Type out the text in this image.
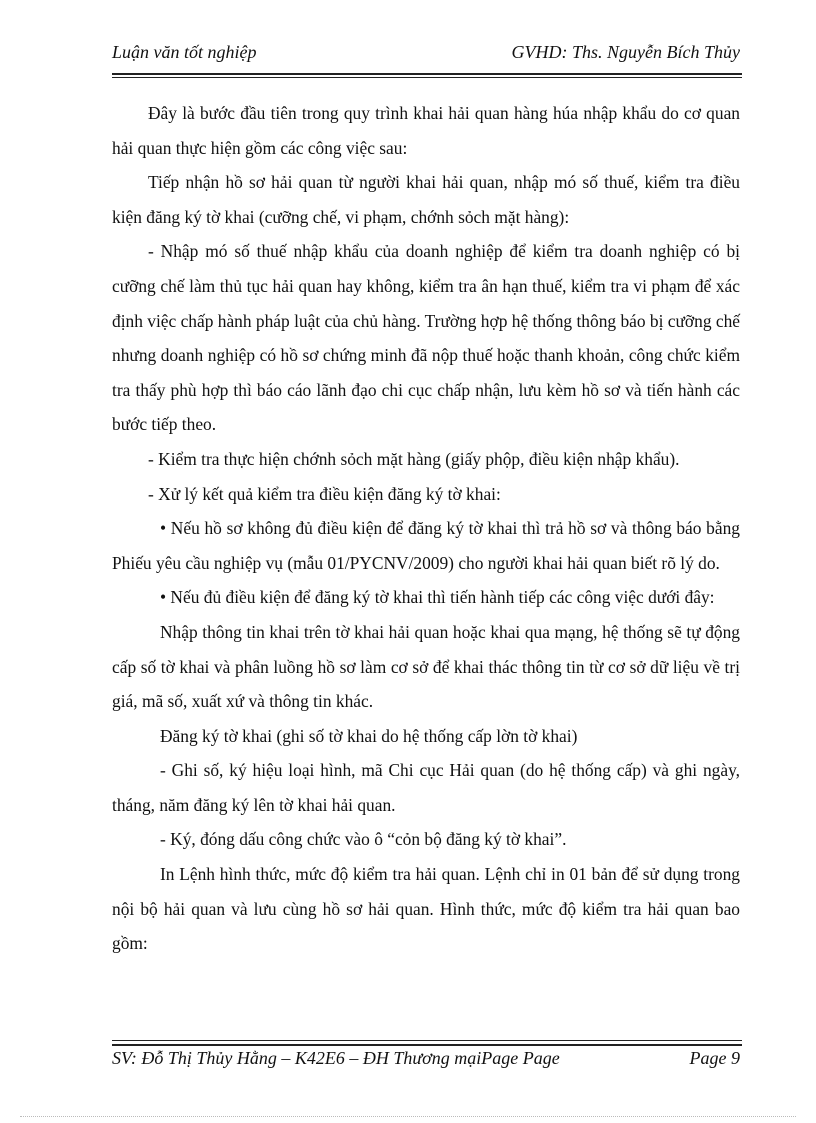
Luận văn tốt nghiệp	GVHD: Ths. Nguyễn Bích Thủy

Đây là bước đầu tiên trong quy trình khai hải quan hàng húa nhập khẩu do cơ quan hải quan thực hiện gồm các công việc sau:

Tiếp nhận hồ sơ hải quan từ người khai hải quan, nhập mó số thuế, kiểm tra điều kiện đăng ký tờ khai (cưỡng chế, vi phạm, chớnh sỏch mặt hàng):

- Nhập mó số thuế nhập khẩu của doanh nghiệp để kiểm tra doanh nghiệp có bị cưỡng chế làm thủ tục hải quan hay không, kiểm tra ân hạn thuế, kiểm tra vi phạm để xác định việc chấp hành pháp luật của chủ hàng. Trường hợp hệ thống thông báo bị cưỡng chế nhưng doanh nghiệp có hồ sơ chứng minh đã nộp thuế hoặc thanh khoản, công chức kiểm tra thấy phù hợp thì báo cáo lãnh đạo chi cục chấp nhận, lưu kèm hồ sơ và tiến hành các bước tiếp theo.

- Kiểm tra thực hiện chớnh sỏch mặt hàng (giấy phộp, điều kiện nhập khẩu).

- Xử lý kết quả kiểm tra điều kiện đăng ký tờ khai:

• Nếu hồ sơ không đủ điều kiện để đăng ký tờ khai thì trả hồ sơ và thông báo bằng Phiếu yêu cầu nghiệp vụ (mẫu 01/PYCNV/2009) cho người khai hải quan biết rõ lý do.

• Nếu đủ điều kiện để đăng ký tờ khai thì tiến hành tiếp các công việc dưới đây:

Nhập thông tin khai trên tờ khai hải quan hoặc khai qua mạng, hệ thống sẽ tự động cấp số tờ khai và phân luồng hồ sơ làm cơ sở để khai thác thông tin từ cơ sở dữ liệu về trị giá, mã số, xuất xứ và thông tin khác.

Đăng ký tờ khai (ghi số tờ khai do hệ thống cấp lờn tờ khai)

- Ghi số, ký hiệu loại hình, mã Chi cục Hải quan (do hệ thống cấp) và ghi ngày, tháng, năm đăng ký lên tờ khai hải quan.

- Ký, đóng dấu công chức vào ô “cỏn bộ đăng ký tờ khai”.

In Lệnh hình thức, mức độ kiểm tra hải quan. Lệnh chỉ in 01 bản để sử dụng trong nội bộ hải quan và lưu cùng hồ sơ hải quan. Hình thức, mức độ kiểm tra hải quan bao gồm:

SV: Đỗ Thị Thủy Hằng – K42E6 – ĐH Thương mạiPage Page	Page 9
